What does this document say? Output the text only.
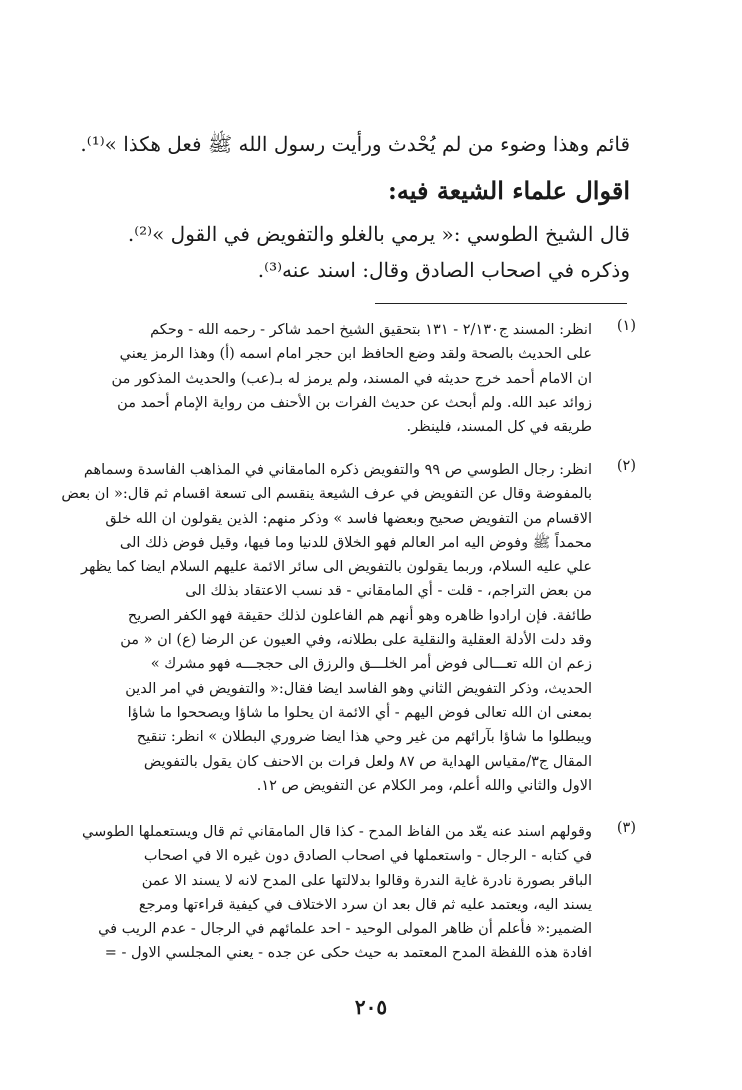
قائم وهذا وضوء من لم يُحْدث ورأيت رسول الله ﷺ فعل هكذا »⁽¹⁾.
اقوال علماء الشيعة فيه:
قال الشيخ الطوسي :« يرمي بالغلو والتفويض في القول »⁽²⁾.
وذكره في اصحاب الصادق وقال: اسند عنه⁽³⁾.
(١)
انظر: المسند ج٢/١٣٠ - ١٣١ بتحقيق الشيخ احمد شاكر - رحمه الله - وحكم
على الحديث بالصحة ولقد وضع الحافظ ابن حجر امام اسمه (أ) وهذا الرمز يعني
ان الامام أحمد خرج حديثه في المسند، ولم يرمز له بـ(عب) والحديث المذكور من
زوائد عبد الله. ولم أبحث عن حديث الفرات بن الأحنف من رواية الإمام أحمد من
طريقه في كل المسند، فلينظر.
(٢)
انظر: رجال الطوسي ص ٩٩ والتفويض ذكره المامقاني في المذاهب الفاسدة وسماهم
بالمفوضة وقال عن التفويض في عرف الشيعة ينقسم الى تسعة اقسام ثم قال:« ان بعض
الاقسام من التفويض صحيح وبعضها فاسد » وذكر منهم: الذين يقولون ان الله خلق
محمداً ﷺ وفوض اليه امر العالم فهو الخلاق للدنيا وما فيها، وقيل فوض ذلك الى
علي عليه السلام، وربما يقولون بالتفويض الى سائر الائمة عليهم السلام ايضا كما يظهر
من بعض التراجم، - قلت - أي المامقاني - قد نسب الاعتقاد بذلك الى
طائفة. فإن ارادوا ظاهره وهو أنهم هم الفاعلون لذلك حقيقة فهو الكفر الصريح
وقد دلت الأدلة العقلية والنقلية على بطلانه، وفي العيون عن الرضا (ع) ان « من
زعم ان الله تعـــالى فوض أمر الخلـــق والرزق الى حججـــه فهو مشرك »
الحديث، وذكر التفويض الثاني وهو الفاسد ايضا فقال:« والتفويض في امر الدين
بمعنى ان الله تعالى فوض اليهم - أي الائمة ان يحلوا ما شاؤا ويصححوا ما شاؤا
ويبطلوا ما شاؤا بآرائهم من غير وحي هذا ايضا ضروري البطلان » انظر: تنقيح
المقال ج٣/مقياس الهداية ص ٨٧ ولعل فرات بن الاحنف كان يقول بالتفويض
الاول والثاني والله أعلم، ومر الكلام عن التفويض ص ١٢.
(٣)
وقولهم اسند عنه يعّد من الفاظ المدح - كذا قال المامقاني ثم قال ويستعملها الطوسي
في كتابه - الرجال - واستعملها في اصحاب الصادق دون غيره الا في اصحاب
الباقر بصورة نادرة غاية الندرة وقالوا بدلالتها على المدح لانه لا يسند الا عمن
يسند اليه، ويعتمد عليه ثم قال بعد ان سرد الاختلاف في كيفية قراءتها ومرجع
الضمير:« فأعلم أن ظاهر المولى الوحيد - احد علمائهم في الرجال - عدم الريب في
افادة هذه اللفظة المدح المعتمد به حيث حكى عن جده - يعني المجلسي الاول - =
٢٠٥
